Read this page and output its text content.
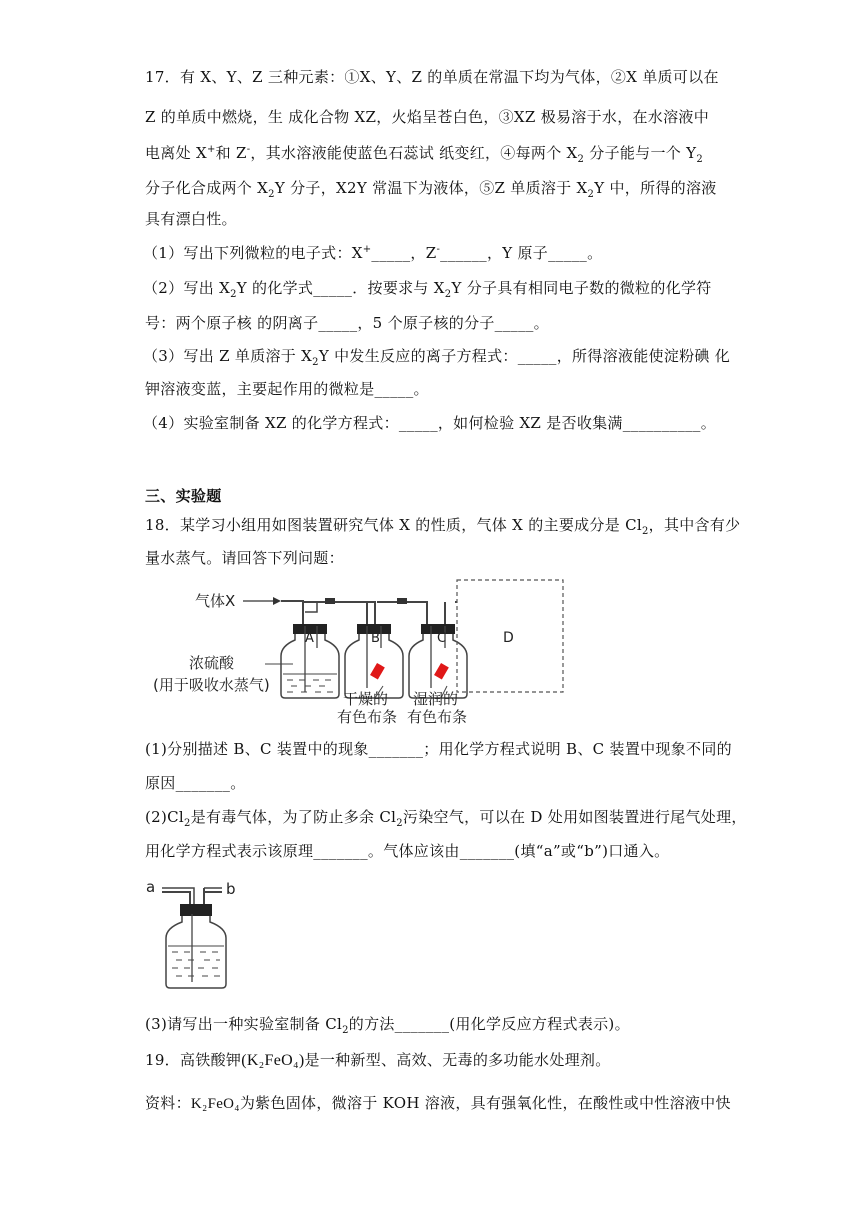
17．有 X、Y、Z 三种元素：①X、Y、Z 的单质在常温下均为气体，②X 单质可以在
Z 的单质中燃烧，生 成化合物 XZ，火焰呈苍白色，③XZ 极易溶于水，在水溶液中
电离处 X+和 Z-，其水溶液能使蓝色石蕊试 纸变红，④每两个 $X_2$ 分子能与一个 $Y_2$
分子化合成两个 $X_2Y$ 分子，X2Y 常温下为液体，⑤Z 单质溶于 $X_2Y$ 中，所得的溶液
具有漂白性。
（1）写出下列微粒的电子式：X+_____，Z-______，Y 原子_____。
（2）写出 $X_2Y$ 的化学式_____．按要求与 $X_2Y$ 分子具有相同电子数的微粒的化学符
号：两个原子核 的阴离子_____，5 个原子核的分子_____。
（3）写出 Z 单质溶于 $X_2Y$ 中发生反应的离子方程式：_____，所得溶液能使淀粉碘 化
钾溶液变蓝，主要起作用的微粒是_____。
（4）实验室制备 XZ 的化学方程式：_____，如何检验 XZ 是否收集满__________。
三、实验题
18．某学习小组用如图装置研究气体 X 的性质，气体 X 的主要成分是 $Cl_2$，其中含有少
量水蒸气。请回答下列问题：
气体X
A	B	C	D
浓硫酸
(用于吸收水蒸气)
干燥的
有色布条
湿润的
有色布条
(1)分别描述 B、C 装置中的现象_______；用化学方程式说明 B、C 装置中现象不同的
原因_______。
$(2)Cl_2$是有毒气体，为了防止多余 $Cl_2$污染空气，可以在 D 处用如图装置进行尾气处理，
用化学方程式表示该原理_______。气体应该由_______(填“a”或“b”)口通入。
a	b
(3)请写出一种实验室制备 $Cl_2$的方法_______(用化学反应方程式表示)。
19．高铁酸钾(K₂FeO₄)是一种新型、高效、无毒的多功能水处理剂。
资料：K₂FeO₄为紫色固体，微溶于 KOH 溶液，具有强氧化性，在酸性或中性溶液中快
